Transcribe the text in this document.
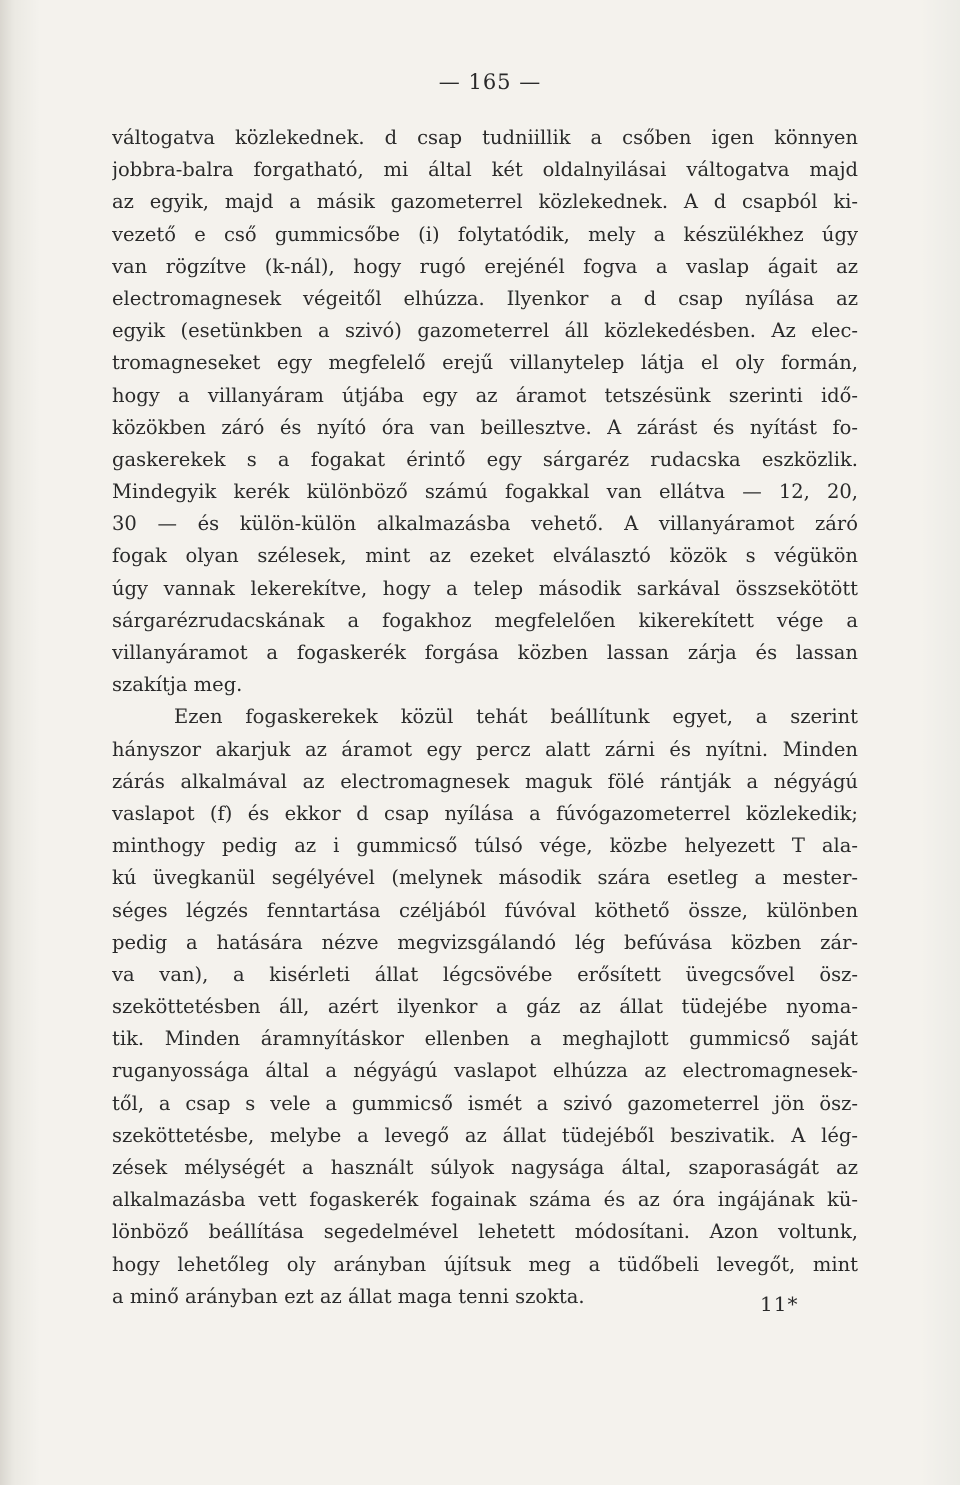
— 165 —
váltogatva közlekednek. d csap tudniillik a csőben igen könnyen
jobbra-balra forgatható, mi által két oldalnyilásai váltogatva majd
az egyik, majd a másik gazometerrel közlekednek. A d csapból ki-
vezető e cső gummicsőbe (i) folytatódik, mely a készülékhez úgy
van rögzítve (k-nál), hogy rugó erejénél fogva a vaslap ágait az
electromagnesek végeitől elhúzza. Ilyenkor a d csap nyílása az
egyik (esetünkben a szivó) gazometerrel áll közlekedésben. Az elec-
tromagneseket egy megfelelő erejű villanytelep látja el oly formán,
hogy a villanyáram útjába egy az áramot tetszésünk szerinti idő-
közökben záró és nyító óra van beillesztve. A zárást és nyítást fo-
gaskerekek s a fogakat érintő egy sárgaréz rudacska eszközlik.
Mindegyik kerék különböző számú fogakkal van ellátva — 12, 20,
30 — és külön-külön alkalmazásba vehető. A villanyáramot záró
fogak olyan szélesek, mint az ezeket elválasztó közök s végükön
úgy vannak lekerekítve, hogy a telep második sarkával összsekötött
sárgarézrudacskának a fogakhoz megfelelően kikerekített vége a
villanyáramot a fogaskerék forgása közben lassan zárja és lassan
szakítja meg.
Ezen fogaskerekek közül tehát beállítunk egyet, a szerint
hányszor akarjuk az áramot egy percz alatt zárni és nyítni. Minden
zárás alkalmával az electromagnesek maguk fölé rántják a négyágú
vaslapot (f) és ekkor d csap nyílása a fúvógazometerrel közlekedik;
minthogy pedig az i gummicső túlsó vége, közbe helyezett T ala-
kú üvegkanül segélyével (melynek második szára esetleg a mester-
séges légzés fenntartása czéljából fúvóval köthető össze, különben
pedig a hatására nézve megvizsgálandó lég befúvása közben zár-
va van), a kisérleti állat légcsövébe erősített üvegcsővel ösz-
szeköttetésben áll, azért ilyenkor a gáz az állat tüdejébe nyoma-
tik. Minden áramnyításkor ellenben a meghajlott gummicső saját
ruganyossága által a négyágú vaslapot elhúzza az electromagnesek-
től, a csap s vele a gummicső ismét a szivó gazometerrel jön ösz-
szeköttetésbe, melybe a levegő az állat tüdejéből beszivatik. A lég-
zések mélységét a használt súlyok nagysága által, szaporaságát az
alkalmazásba vett fogaskerék fogainak száma és az óra ingájának kü-
lönböző beállítása segedelmével lehetett módosítani. Azon voltunk,
hogy lehetőleg oly arányban újítsuk meg a tüdőbeli levegőt, mint
a minő arányban ezt az állat maga tenni szokta.	11*
